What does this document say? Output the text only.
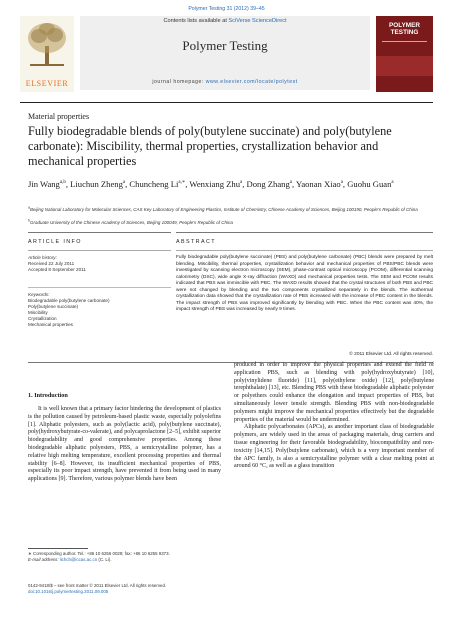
Polymer Testing 31 (2012) 39–45
ELSEVIER
Contents lists available at SciVerse ScienceDirect
Polymer Testing
journal homepage: www.elsevier.com/locate/polytest
POLYMER
TESTING
Material properties
Fully biodegradable blends of poly(butylene succinate) and poly(butylene carbonate): Miscibility, thermal properties, crystallization behavior and mechanical properties
Jin Wang$^{a,b}$, Liuchun Zheng$^a$, Chuncheng $Li^{a,∗}$, Wenxiang Zhu$^a$, Dong Zhang$^a$, Yaonan Xiao$^a$, Guohu Guan$^a$
$^a$Beijing National Laboratory for Molecular Sciences, CAS Key Laboratory of Engineering Plastics, Institute of Chemistry, Chinese Academy of Sciences, Beijing 100190, People's Republic of China
$^b$Graduate University of the Chinese Academy of Sciences, Beijing 100049, People's Republic of China
ARTICLE INFO	ABSTRACT
Article history:
Received 22 July 2011
Accepted 8 September 2011
Keywords:
Biodegradable poly(butylene carbonate)
Poly(butylene succinate)
Miscibility
Crystallization
Mechanical properties
Fully biodegradable poly(butylene succinate) (PBS) and poly(butylene carbonate) (PBC) blends were prepared by melt blending. Miscibility, thermal properties, crystallization behavior and mechanical properties of PBS/PBC blends were investigated by scanning electron microscopy (SEM), phase-contrast optical microscopy (PCOM), differential scanning calorimetry (DSC), wide angle X-ray diffraction (WAXD) and mechanical properties tests. The SEM and PCOM results indicated that PBS was immiscible with PBC. The WAXD results showed that the crystal structures of both PBS and PBC were not changed by blending and the two components crystallized separately in the blends. The isothermal crystallization data showed that the crystallization rate of PBS increased with the increase of PBC content in the blends. The impact strength of PBS was improved significantly by blending with PBC. When the PBC content was 40%, the impact strength of PBS was increased by nearly 9 times.
© 2011 Elsevier Ltd. All rights reserved.
1. Introduction
It is well known that a primary factor hindering the development of plastics is the pollution caused by petroleum-based plastic waste, especially polyolefins [1]. Aliphatic polyesters, such as poly(lactic acid), poly(butylene succinate), poly(hydroxybutyrate-co-valerate), and polycaprolactone [2–5], exhibit superior biodegradability and good comprehensive properties. Among these biodegradable aliphatic polyesters, PBS, a semicrystalline polymer, has a relative high melting temperature, excellent processing properties and thermal stability [6–8]. However, its insufficient mechanical properties of PBS, especially its poor impact strength, have prevented it from being used in many applications [9]. Therefore, various polymer blends have been

produced in order to improve the physical properties and extend the field of application PBS, such as blending with poly(hydroxybutyrate) [10], poly(vinylidene fluoride) [11], poly(ethylene oxide) [12], poly(butylene terephthalate) [13], etc. Blending PBS with these biodegradable aliphatic polyester or polyethers could enhance the elongation and impact properties of PBS, but simultaneously lower tensile strength. Blending PBS with non-biodegradable polymers might improve the mechanical properties effectively but the degradable properties of the material would be undermined.

Aliphatic polycarbonates (APCs), as another important class of biodegradable polymers, are widely used in the areas of packaging materials, drug carriers and tissue engineering for their favorable biodegradability, biocompatibility and non-toxicity [14,15]. Poly(butylene carbonate), which is a very important member of the APC family, is also a semicrystalline polymer with a clear melting point at around 60 °C, as well as a glass transition

∗ Corresponding author. Tel.: +86 10 6256 0029; fax: +86 10 6255 9373.
E-mail address: lichch@iccas.ac.cn (C. Li).
0142-9418/$ – see front matter © 2011 Elsevier Ltd. All rights reserved.
doi:10.1016/j.polymertesting.2011.09.005
